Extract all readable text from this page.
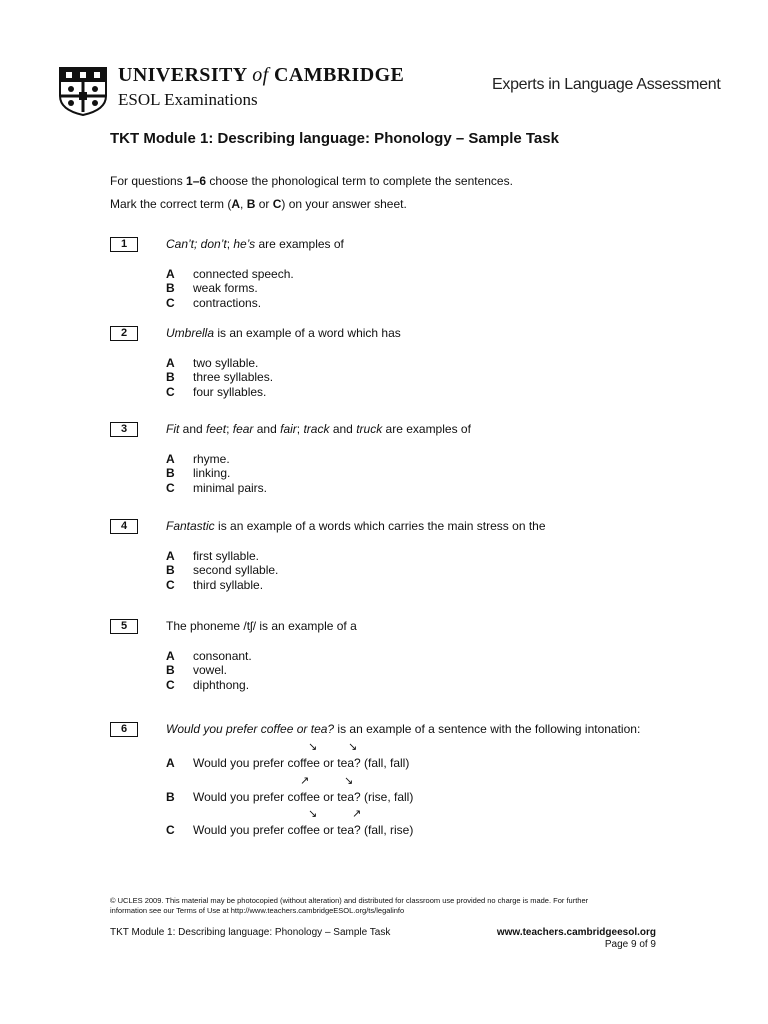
UNIVERSITY of CAMBRIDGE
ESOL Examinations
Experts in Language Assessment
TKT Module 1: Describing language: Phonology – Sample Task
For questions 1–6 choose the phonological term to complete the sentences.
Mark the correct term (A, B or C) on your answer sheet.
1	Can’t; don’t; he’s are examples of
A connected speech.
B weak forms.
C contractions.
2	Umbrella is an example of a word which has
A two syllable.
B three syllables.
C four syllables.
3	Fit and feet; fear and fair; track and truck are examples of
A rhyme.
B linking.
C minimal pairs.
4	Fantastic is an example of a words which carries the main stress on the
A first syllable.
B second syllable.
C third syllable.
5	The phoneme /tʃ/ is an example of a
A consonant.
B vowel.
C diphthong.
6	Would you prefer coffee or tea? is an example of a sentence with the following intonation:
A Would you prefer coffee or tea? (fall, fall)
↘	↘
B Would you prefer coffee or tea? (rise, fall)
↗	↘
C Would you prefer coffee or tea? (fall, rise)
↘	↗
© UCLES 2009. This material may be photocopied (without alteration) and distributed for classroom use provided no charge is made. For further
information see our Terms of Use at http://www.teachers.cambridgeESOL.org/ts/legalinfo
TKT Module 1: Describing language: Phonology – Sample Task	www.teachers.cambridgeesol.org
Page 9 of 9
